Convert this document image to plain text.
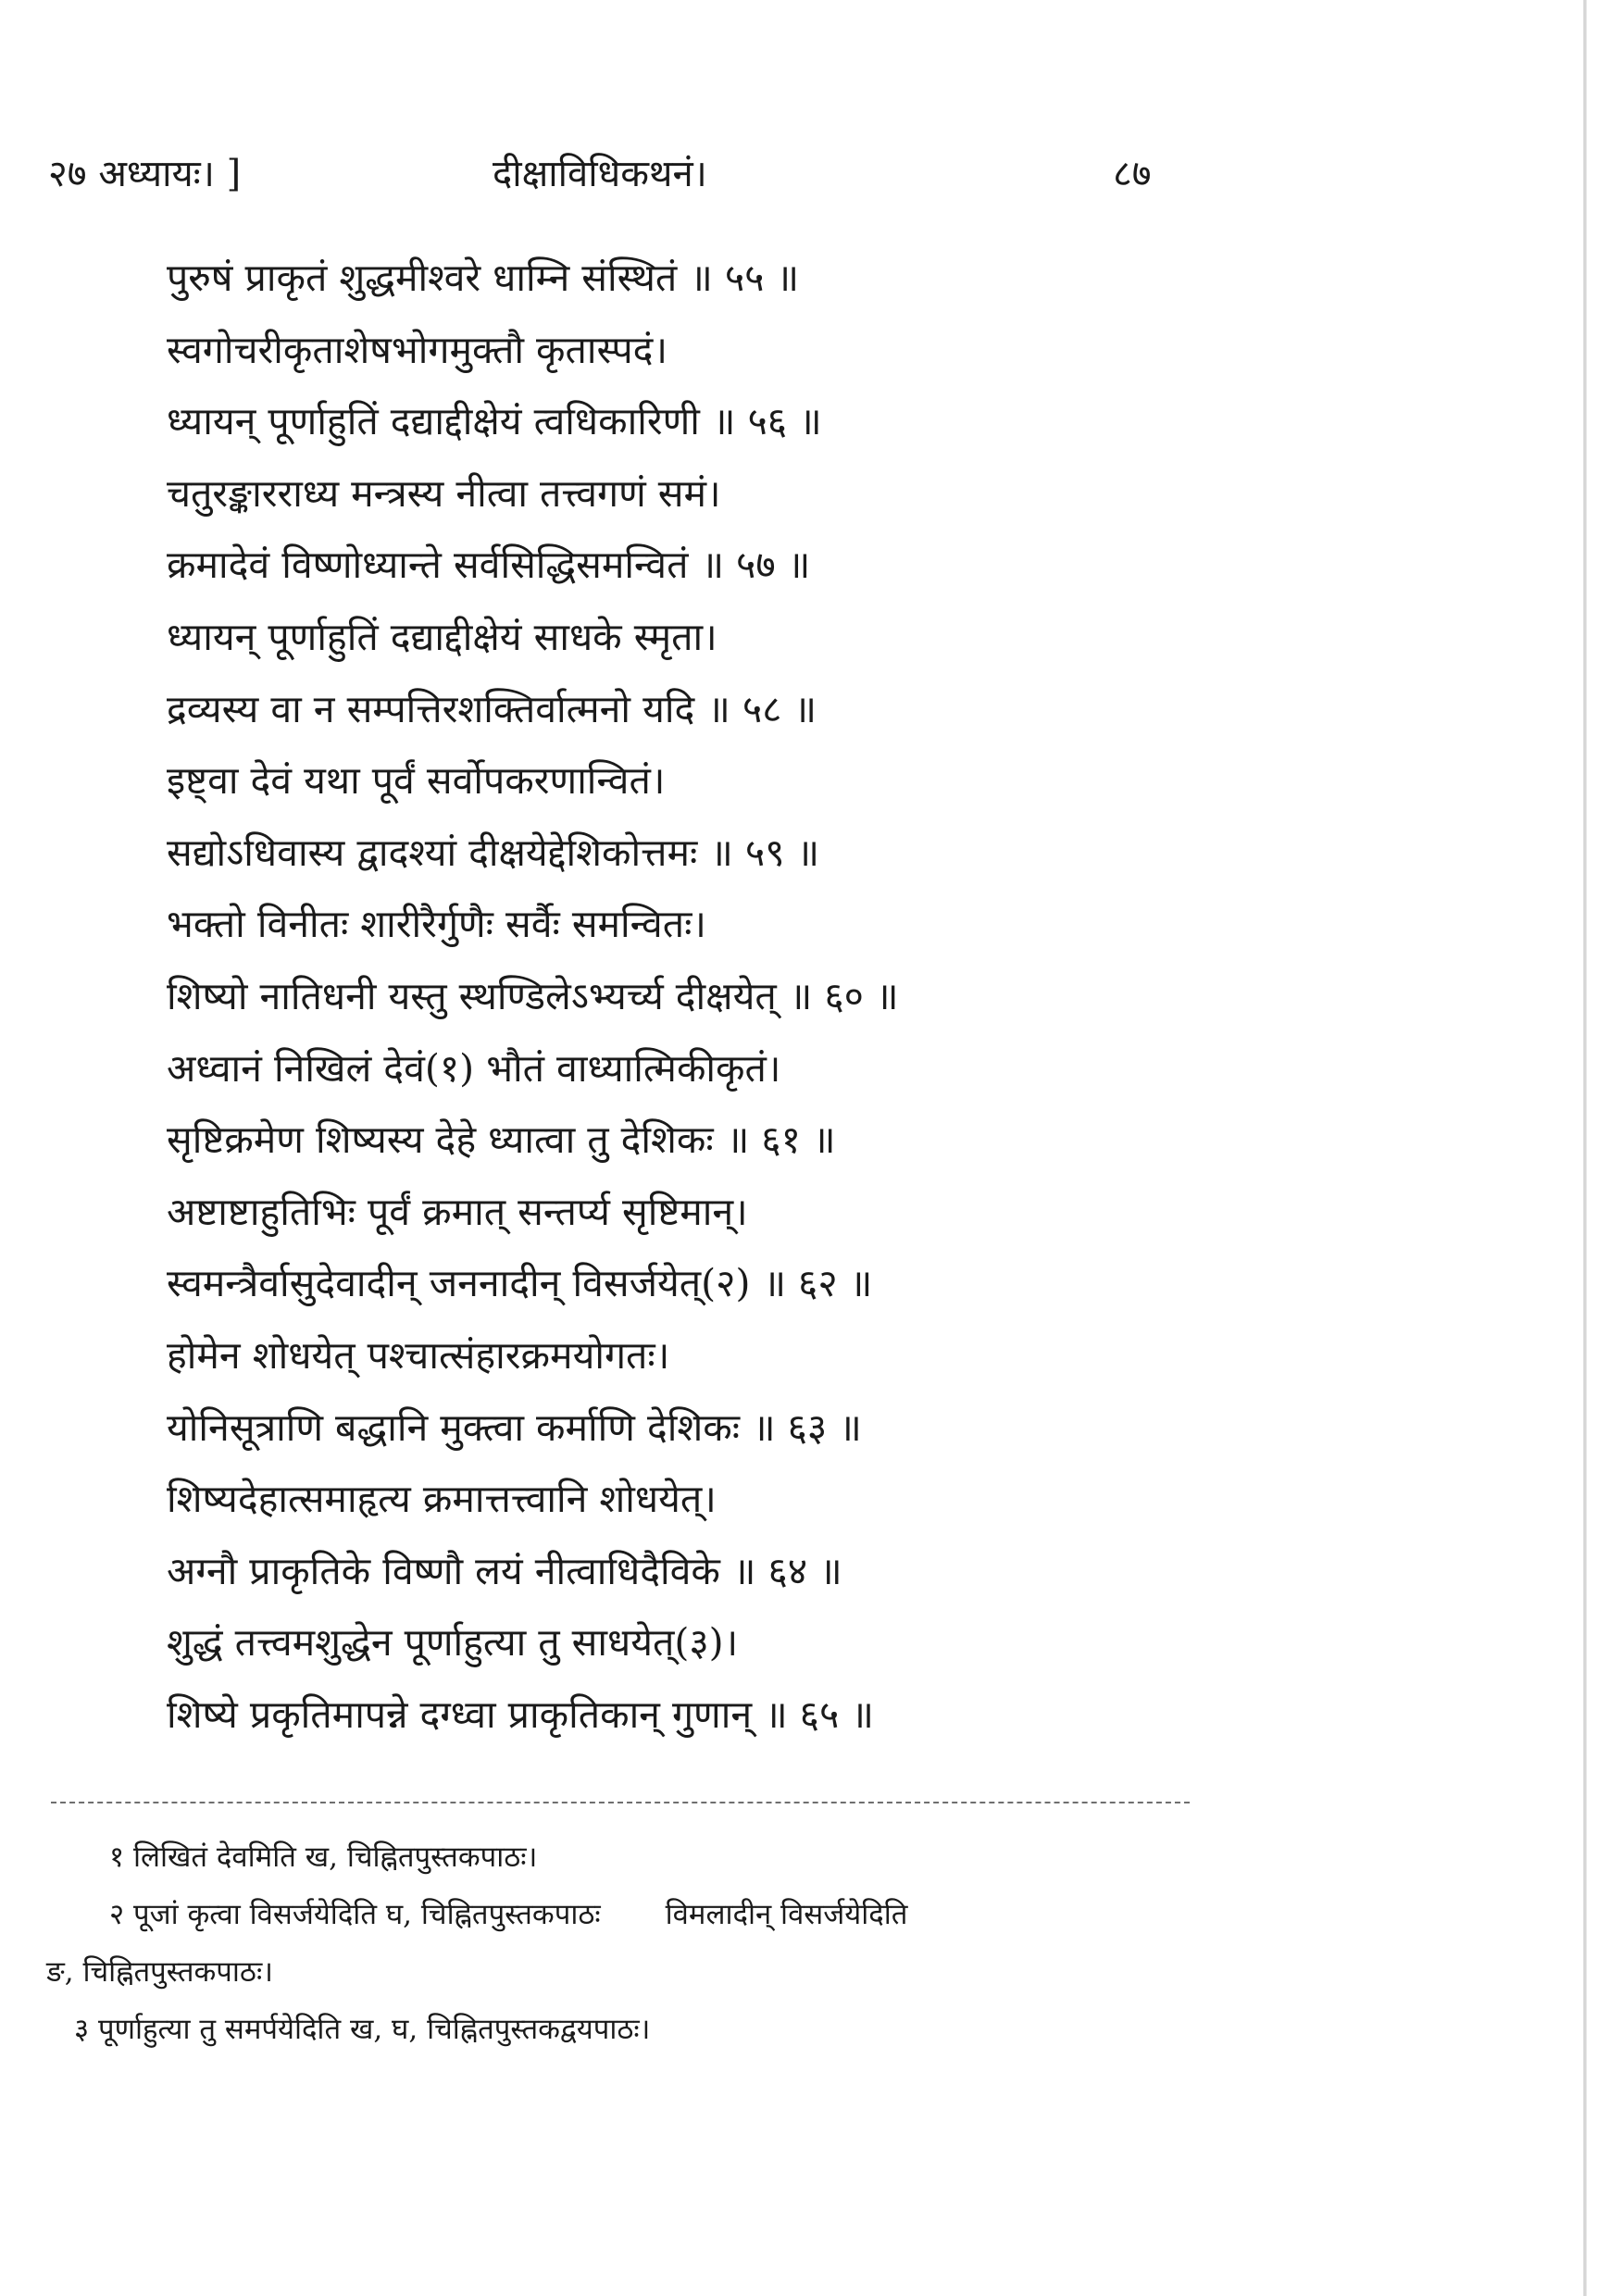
२७ अध्यायः। ]	दीक्षाविधिकथनं।	८७
पुरुषं प्राकृतं शुद्धमीश्वरे धाम्नि संस्थितं ॥ ५५ ॥
स्वगोचरीकृताशेषभोगमुक्तौ कृतास्पदं।
ध्यायन् पूर्णाहुतिं दद्याद्दीक्षेयं त्वधिकारिणी ॥ ५६ ॥
चतुरङ्कारराध्य मन्त्रस्य नीत्वा तत्त्वगणं समं।
क्रमादेवं विष्णोध्यान्ते सर्वसिद्धिसमन्वितं ॥ ५७ ॥
ध्यायन् पूर्णाहुतिं दद्याद्दीक्षेयं साधके स्मृता।
द्रव्यस्य वा न सम्पत्तिरशक्तिर्वात्मनो यदि ॥ ५८ ॥
इष्ट्वा देवं यथा पूर्वं सर्वोपकरणान्वितं।
सद्योऽधिवास्य द्वादश्यां दीक्षयेद्देशिकोत्तमः ॥ ५९ ॥
भक्तो विनीतः शारीरैर्गुणैः सर्वैः समन्वितः।
शिष्यो नातिधनी यस्तु स्थण्डिलेऽभ्यर्च्य दीक्षयेत् ॥ ६० ॥
अध्वानं निखिलं देवं(१) भौतं वाध्यात्मिकीकृतं।
सृष्टिक्रमेण शिष्यस्य देहे ध्यात्वा तु देशिकः ॥ ६१ ॥
अष्टाष्टाहुतिभिः पूर्वं क्रमात् सन्तर्प्य सृष्टिमान्।
स्वमन्त्रैर्वासुदेवादीन् जननादीन् विसर्जयेत्(२) ॥ ६२ ॥
होमेन शोधयेत् पश्चात्संहारक्रमयोगतः।
योनिसूत्राणि बद्धानि मुक्त्वा कर्माणि देशिकः ॥ ६३ ॥
शिष्यदेहात्समाहृत्य क्रमात्तत्त्वानि शोधयेत्।
अग्नौ प्राकृतिके विष्णौ लयं नीत्वाधिदैविके ॥ ६४ ॥
शुद्धं तत्त्वमशुद्धेन पूर्णाहुत्या तु साधयेत्(३)।
शिष्ये प्रकृतिमापन्ने दग्ध्वा प्राकृतिकान् गुणान् ॥ ६५ ॥
१ लिखितं देवमिति ख, चिह्नितपुस्तकपाठः।
२ पूजां कृत्वा विसर्जयेदिति घ, चिह्नितपुस्तकपाठः विमलादीन् विसर्जयेदिति
ङ, चिह्नितपुस्तकपाठः।
३ पूर्णाहुत्या तु समर्पयेदिति ख, घ, चिह्नितपुस्तकद्वयपाठः।
